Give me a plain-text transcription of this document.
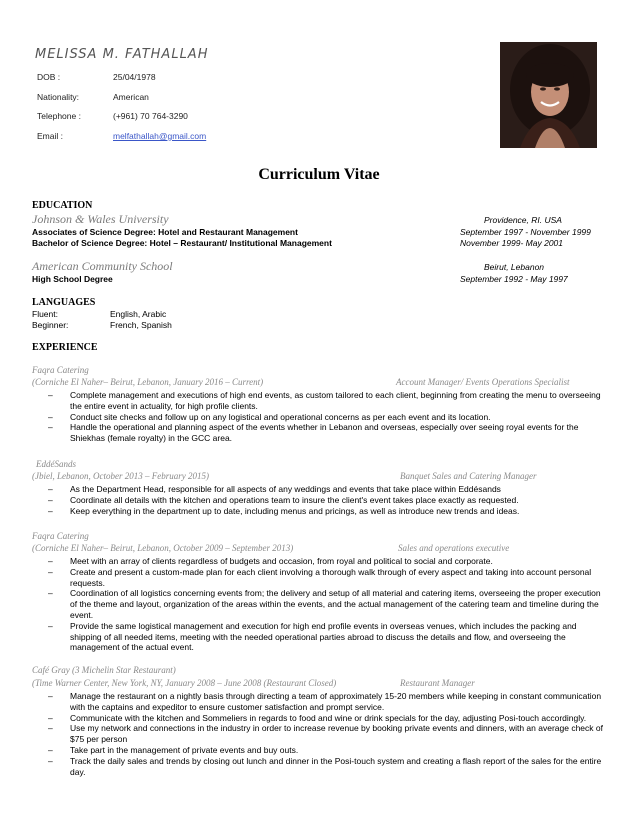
MELISSA M. FATHALLAH
DOB :	25/04/1978
Nationality:	American
Telephone :	(+961) 70 764-3290
Email :	melfathallah@gmail.com
Curriculum Vitae
EDUCATION
Johnson & Wales University	Providence, RI. USA
Associates of Science Degree: Hotel and Restaurant Management	September 1997 - November 1999
Bachelor of Science Degree: Hotel – Restaurant/ Institutional Management	November 1999- May 2001
American Community School	Beirut, Lebanon
High School Degree	September 1992 - May 1997
LANGUAGES
Fluent:	English, Arabic
Beginner:	French, Spanish
EXPERIENCE
Faqra Catering
(Corniche El Naher– Beirut, Lebanon, January 2016 – Current)	Account Manager/ Events Operations Specialist
– Complete management and executions of high end events, as custom tailored to each client, beginning from creating the menu to overseeing the entire event in actuality, for high profile clients.
– Conduct site checks and follow up on any logistical and operational concerns as per each event and its location.
– Handle the operational and planning aspect of the events whether in Lebanon and overseas, especially over seeing royal events for the Shiekhas (female royalty) in the GCC area.
EddéSands
(Jbiel, Lebanon, October 2013 – February 2015)	Banquet Sales and Catering Manager
– As the Department Head, responsible for all aspects of any weddings and events that take place within Eddésands
– Coordinate all details with the kitchen and operations team to insure the client's event takes place exactly as requested.
– Keep everything in the department up to date, including menus and pricings, as well as introduce new trends and ideas.
Faqra Catering
(Corniche El Naher– Beirut, Lebanon, October 2009 – September 2013)	Sales and operations executive
– Meet with an array of clients regardless of budgets and occasion, from royal and political to social and corporate.
– Create and present a custom-made plan for each client involving a thorough walk through of every aspect and taking into account personal requests.
– Coordination of all logistics concerning events from; the delivery and setup of all material and catering items, overseeing the proper execution of the theme and layout, organization of the areas within the events, and the actual management of the catering team and timeline during the event.
– Provide the same logistical management and execution for high end profile events in overseas venues, which includes the packing and shipping of all needed items, meeting with the needed operational parties abroad to discuss the details and flow, and overseeing the management of the actual event.
Café Gray (3 Michelin Star Restaurant)
(Time Warner Center, New York, NY, January 2008 – June 2008 (Restaurant Closed)	Restaurant Manager
– Manage the restaurant on a nightly basis through directing a team of approximately 15-20 members while keeping in constant communication with the captains and expeditor to ensure customer satisfaction and prompt service.
– Communicate with the kitchen and Sommeliers in regards to food and wine or drink specials for the day, adjusting Posi-touch accordingly.
– Use my network and connections in the industry in order to increase revenue by booking private events and dinners, with an average check of $75 per person
– Take part in the management of private events and buy outs.
– Track the daily sales and trends by closing out lunch and dinner in the Posi-touch system and creating a flash report of the sales for the entire day.
